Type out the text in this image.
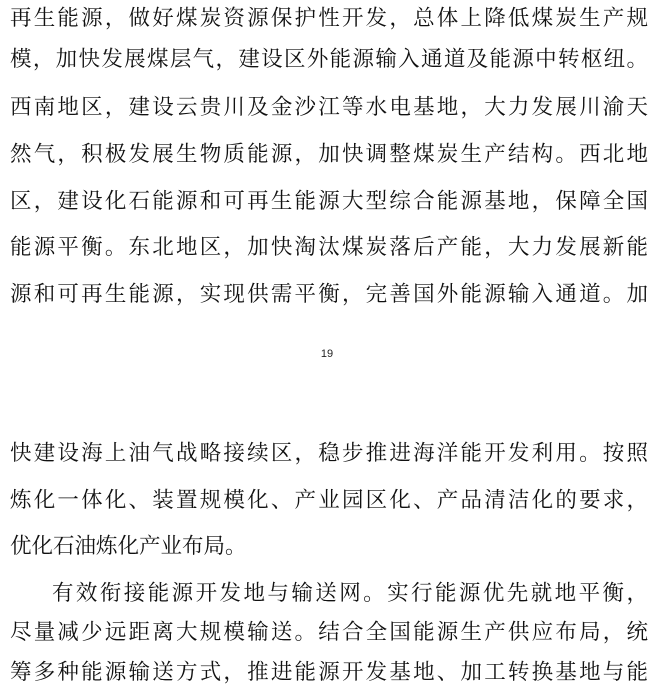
再生能源，做好煤炭资源保护性开发，总体上降低煤炭生产规
模，加快发展煤层气，建设区外能源输入通道及能源中转枢纽。
西南地区，建设云贵川及金沙江等水电基地，大力发展川渝天
然气，积极发展生物质能源，加快调整煤炭生产结构。西北地
区，建设化石能源和可再生能源大型综合能源基地，保障全国
能源平衡。东北地区，加快淘汰煤炭落后产能，大力发展新能
源和可再生能源，实现供需平衡，完善国外能源输入通道。加
19
快建设海上油气战略接续区，稳步推进海洋能开发利用。按照
炼化一体化、装置规模化、产业园区化、产品清洁化的要求，
优化石油炼化产业布局。
有效衔接能源开发地与输送网。实行能源优先就地平衡，
尽量减少远距离大规模输送。结合全国能源生产供应布局，统
筹多种能源输送方式，推进能源开发基地、加工转换基地与能
